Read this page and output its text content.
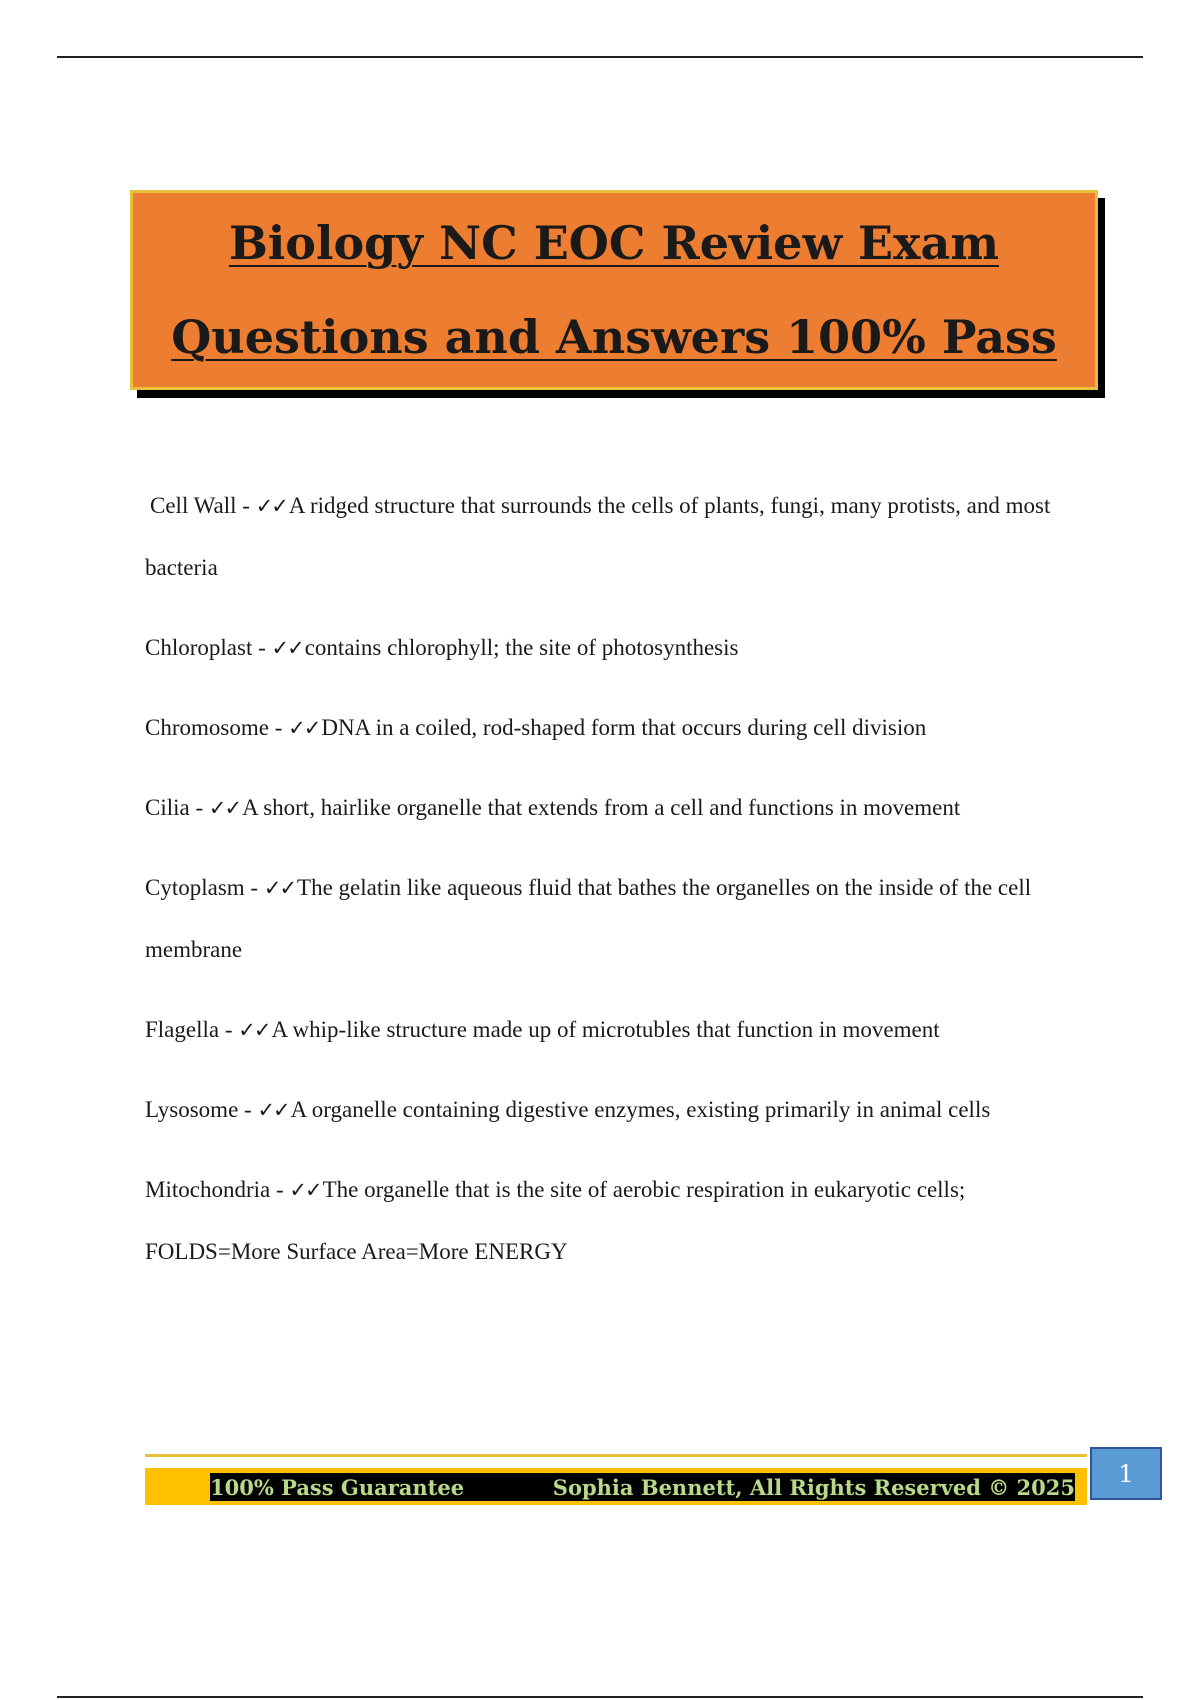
Biology NC EOC Review Exam
Questions and Answers 100% Pass
Cell Wall - ✓✓A ridged structure that surrounds the cells of plants, fungi, many protists, and most bacteria
Chloroplast - ✓✓contains chlorophyll; the site of photosynthesis
Chromosome - ✓✓DNA in a coiled, rod-shaped form that occurs during cell division
Cilia - ✓✓A short, hairlike organelle that extends from a cell and functions in movement
Cytoplasm - ✓✓The gelatin like aqueous fluid that bathes the organelles on the inside of the cell membrane
Flagella - ✓✓A whip-like structure made up of microtubles that function in movement
Lysosome - ✓✓A organelle containing digestive enzymes, existing primarily in animal cells
Mitochondria - ✓✓The organelle that is the site of aerobic respiration in eukaryotic cells; FOLDS=More Surface Area=More ENERGY
100% Pass Guarantee	Sophia Bennett, All Rights Reserved © 2025	1
